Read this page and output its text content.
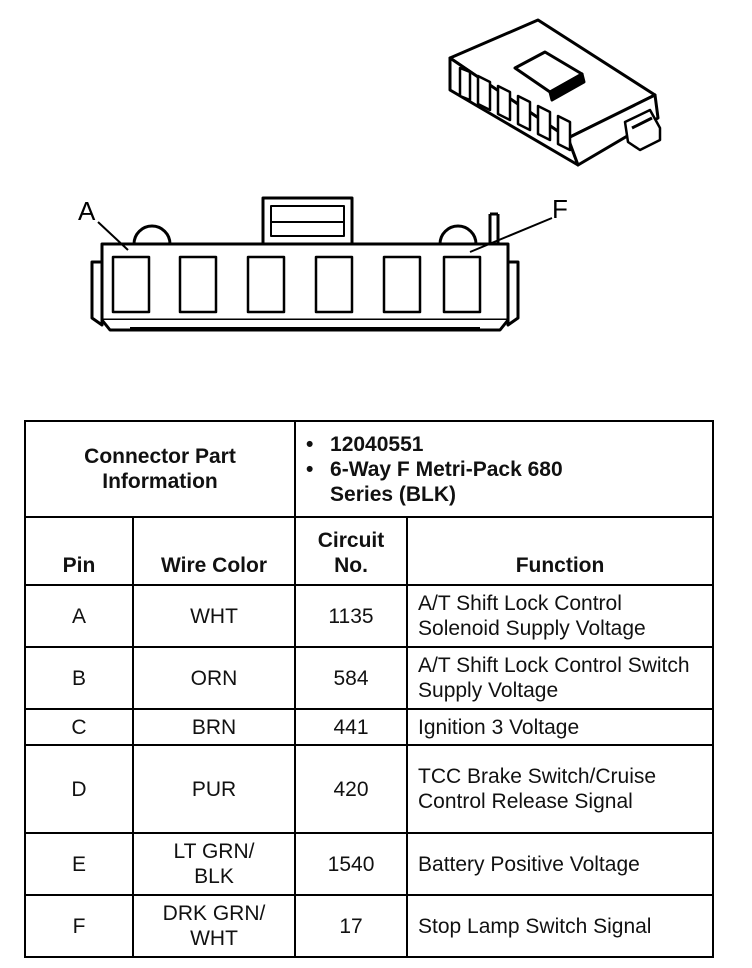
A	F
Connector Part Information		• 12040551
• 6-Way F Metri-Pack 680 Series (BLK)	

Pin	Wire Color	Circuit No.	Function
A	WHT	1135	A/T Shift Lock Control Solenoid Supply Voltage
B	ORN	584	A/T Shift Lock Control Switch Supply Voltage
C	BRN	441	Ignition 3 Voltage
D	PUR	420	TCC Brake Switch/Cruise Control Release Signal
E	LT GRN/ BLK	1540	Battery Positive Voltage
F	DRK GRN/ WHT	17	Stop Lamp Switch Signal
